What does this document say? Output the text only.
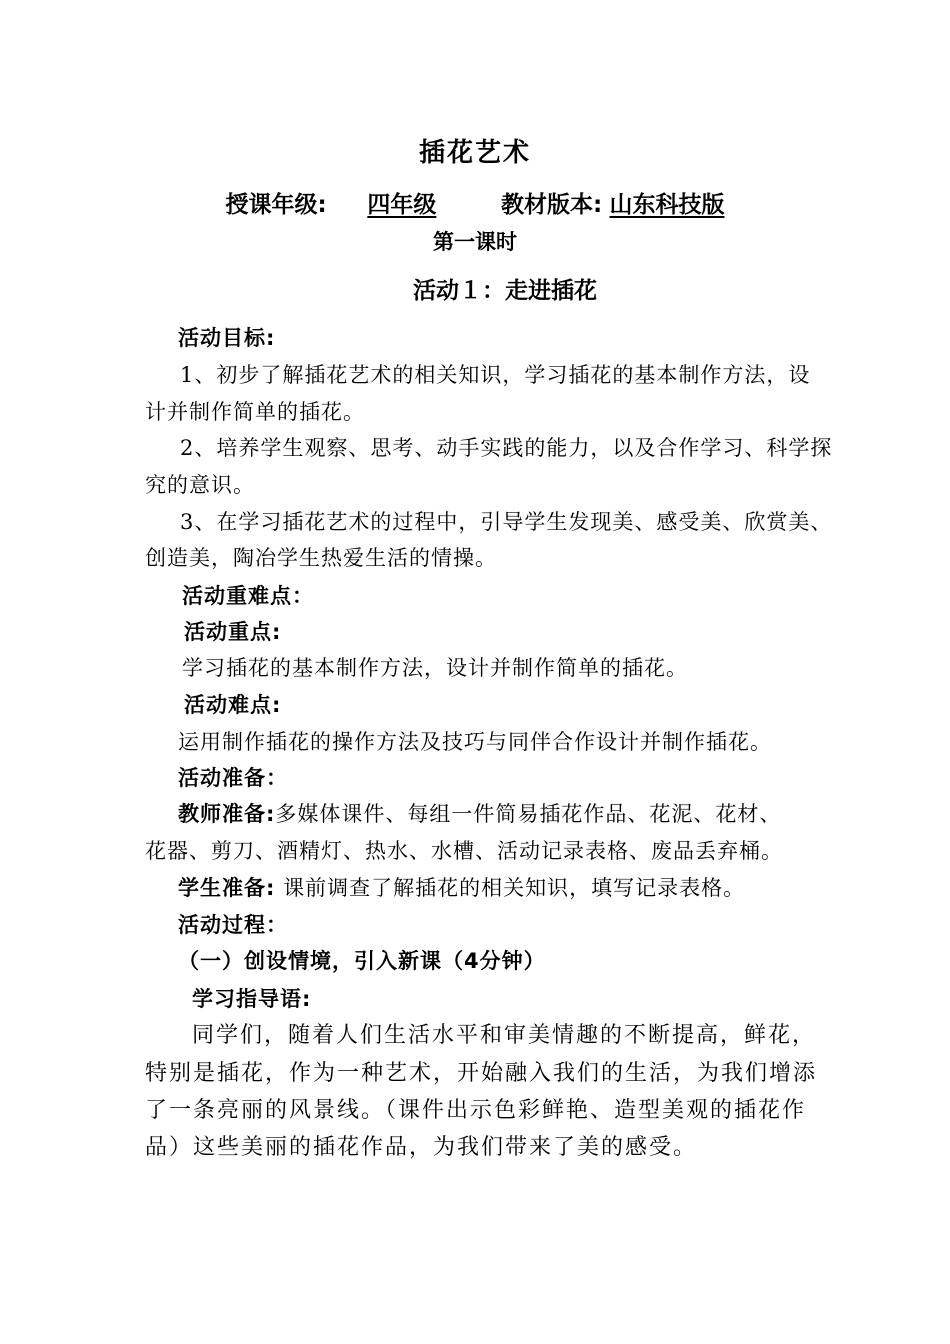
插花艺术
授课年级: 四年级	教材版本: 山东科技版
第一课时
活动１：走进插花
活动目标:
1、初步了解插花艺术的相关知识，学习插花的基本制作方法，设
计并制作简单的插花。
2、培养学生观察、思考、动手实践的能力，以及合作学习、科学探
究的意识。
3、在学习插花艺术的过程中，引导学生发现美、感受美、欣赏美、
创造美，陶冶学生热爱生活的情操。
活动重难点：
活动重点:
学习插花的基本制作方法，设计并制作简单的插花。
活动难点:
运用制作插花的操作方法及技巧与同伴合作设计并制作插花。
活动准备：
教师准备:多媒体课件、每组一件简易插花作品、花泥、花材、
花器、剪刀、酒精灯、热水、水槽、活动记录表格、废品丢弃桶。
学生准备: 课前调查了解插花的相关知识，填写记录表格。
活动过程：
（一）创设情境，引入新课（4分钟）
学习指导语:
同学们，随着人们生活水平和审美情趣的不断提高，鲜花，
特别是插花，作为一种艺术，开始融入我们的生活，为我们增添
了一条亮丽的风景线。（课件出示色彩鲜艳、造型美观的插花作
品）这些美丽的插花作品，为我们带来了美的感受。
